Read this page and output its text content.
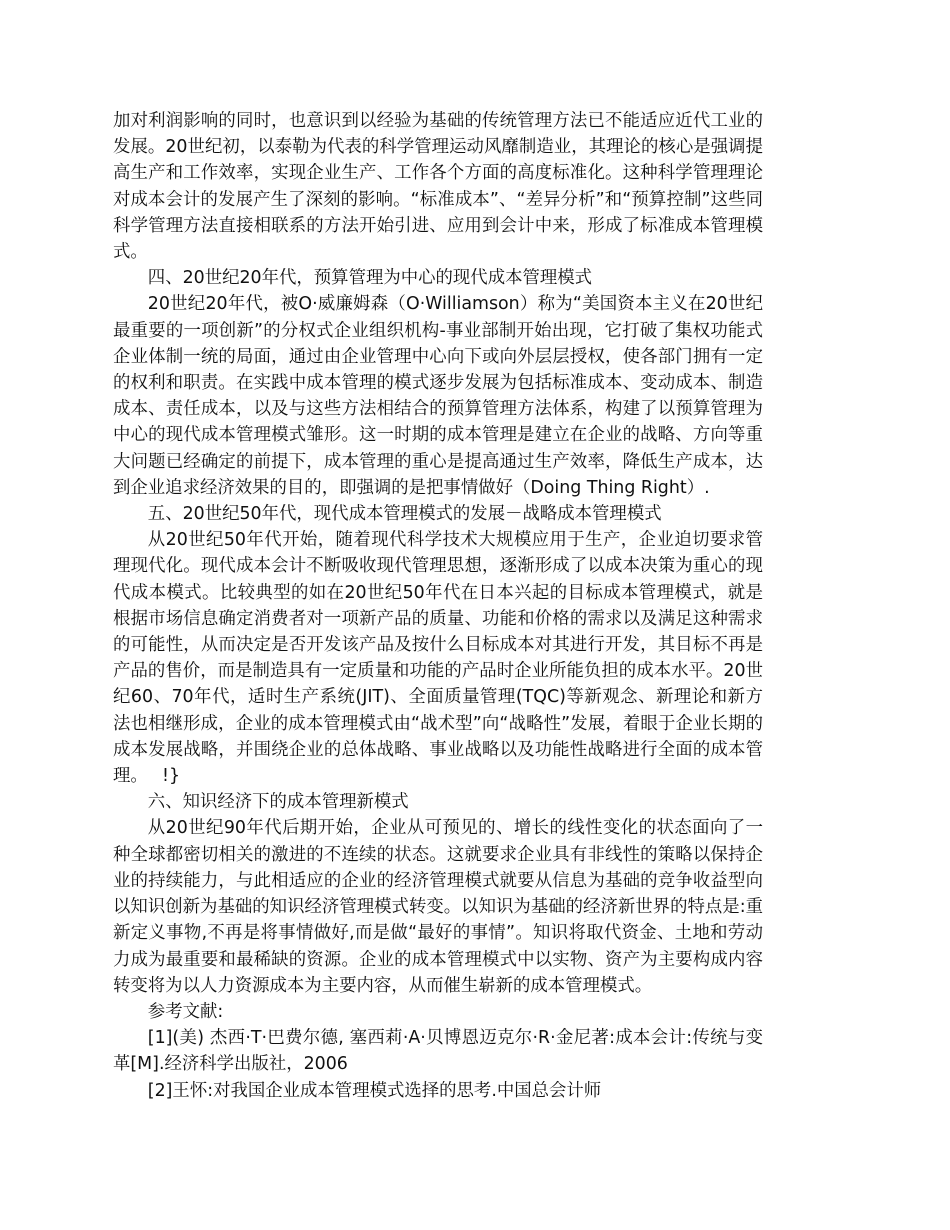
加对利润影响的同时，也意识到以经验为基础的传统管理方法已不能适应近代工业的发展。20世纪初，以泰勒为代表的科学管理运动风靡制造业，其理论的核心是强调提高生产和工作效率，实现企业生产、工作各个方面的高度标准化。这种科学管理理论对成本会计的发展产生了深刻的影响。“标准成本”、“差异分析”和“预算控制”这些同科学管理方法直接相联系的方法开始引进、应用到会计中来，形成了标准成本管理模式。

四、20世纪20年代，预算管理为中心的现代成本管理模式

20世纪20年代，被O·威廉姆森（O·Williamson）称为“美国资本主义在20世纪最重要的一项创新”的分权式企业组织机构-事业部制开始出现，它打破了集权功能式企业体制一统的局面，通过由企业管理中心向下或向外层层授权，使各部门拥有一定的权利和职责。在实践中成本管理的模式逐步发展为包括标准成本、变动成本、制造成本、责任成本，以及与这些方法相结合的预算管理方法体系，构建了以预算管理为中心的现代成本管理模式雏形。这一时期的成本管理是建立在企业的战略、方向等重大问题已经确定的前提下，成本管理的重心是提高通过生产效率，降低生产成本，达到企业追求经济效果的目的，即强调的是把事情做好（Doing Thing Right）.

五、20世纪50年代，现代成本管理模式的发展－战略成本管理模式

从20世纪50年代开始，随着现代科学技术大规模应用于生产，企业迫切要求管理现代化。现代成本会计不断吸收现代管理思想，逐渐形成了以成本决策为重心的现代成本模式。比较典型的如在20世纪50年代在日本兴起的目标成本管理模式，就是根据市场信息确定消费者对一项新产品的质量、功能和价格的需求以及满足这种需求的可能性，从而决定是否开发该产品及按什么目标成本对其进行开发，其目标不再是产品的售价，而是制造具有一定质量和功能的产品时企业所能负担的成本水平。20世纪60、70年代，适时生产系统(JIT)、全面质量管理(TQC)等新观念、新理论和新方法也相继形成，企业的成本管理模式由“战术型”向“战略性”发展，着眼于企业长期的成本发展战略，并围绕企业的总体战略、事业战略以及功能性战略进行全面的成本管理。　 !}

六、知识经济下的成本管理新模式

从20世纪90年代后期开始，企业从可预见的、增长的线性变化的状态面向了一种全球都密切相关的激进的不连续的状态。这就要求企业具有非线性的策略以保持企业的持续能力，与此相适应的企业的经济管理模式就要从信息为基础的竞争收益型向以知识创新为基础的知识经济管理模式转变。以知识为基础的经济新世界的特点是:重新定义事物,不再是将事情做好,而是做“最好的事情”。知识将取代资金、土地和劳动力成为最重要和最稀缺的资源。企业的成本管理模式中以实物、资产为主要构成内容转变将为以人力资源成本为主要内容，从而催生崭新的成本管理模式。

参考文献:

[1](美) 杰西·T·巴费尔德, 塞西莉·A·贝博恩迈克尔·R·金尼著:成本会计:传统与变革[M].经济科学出版社，2006

[2]王怀:对我国企业成本管理模式选择的思考.中国总会计师
